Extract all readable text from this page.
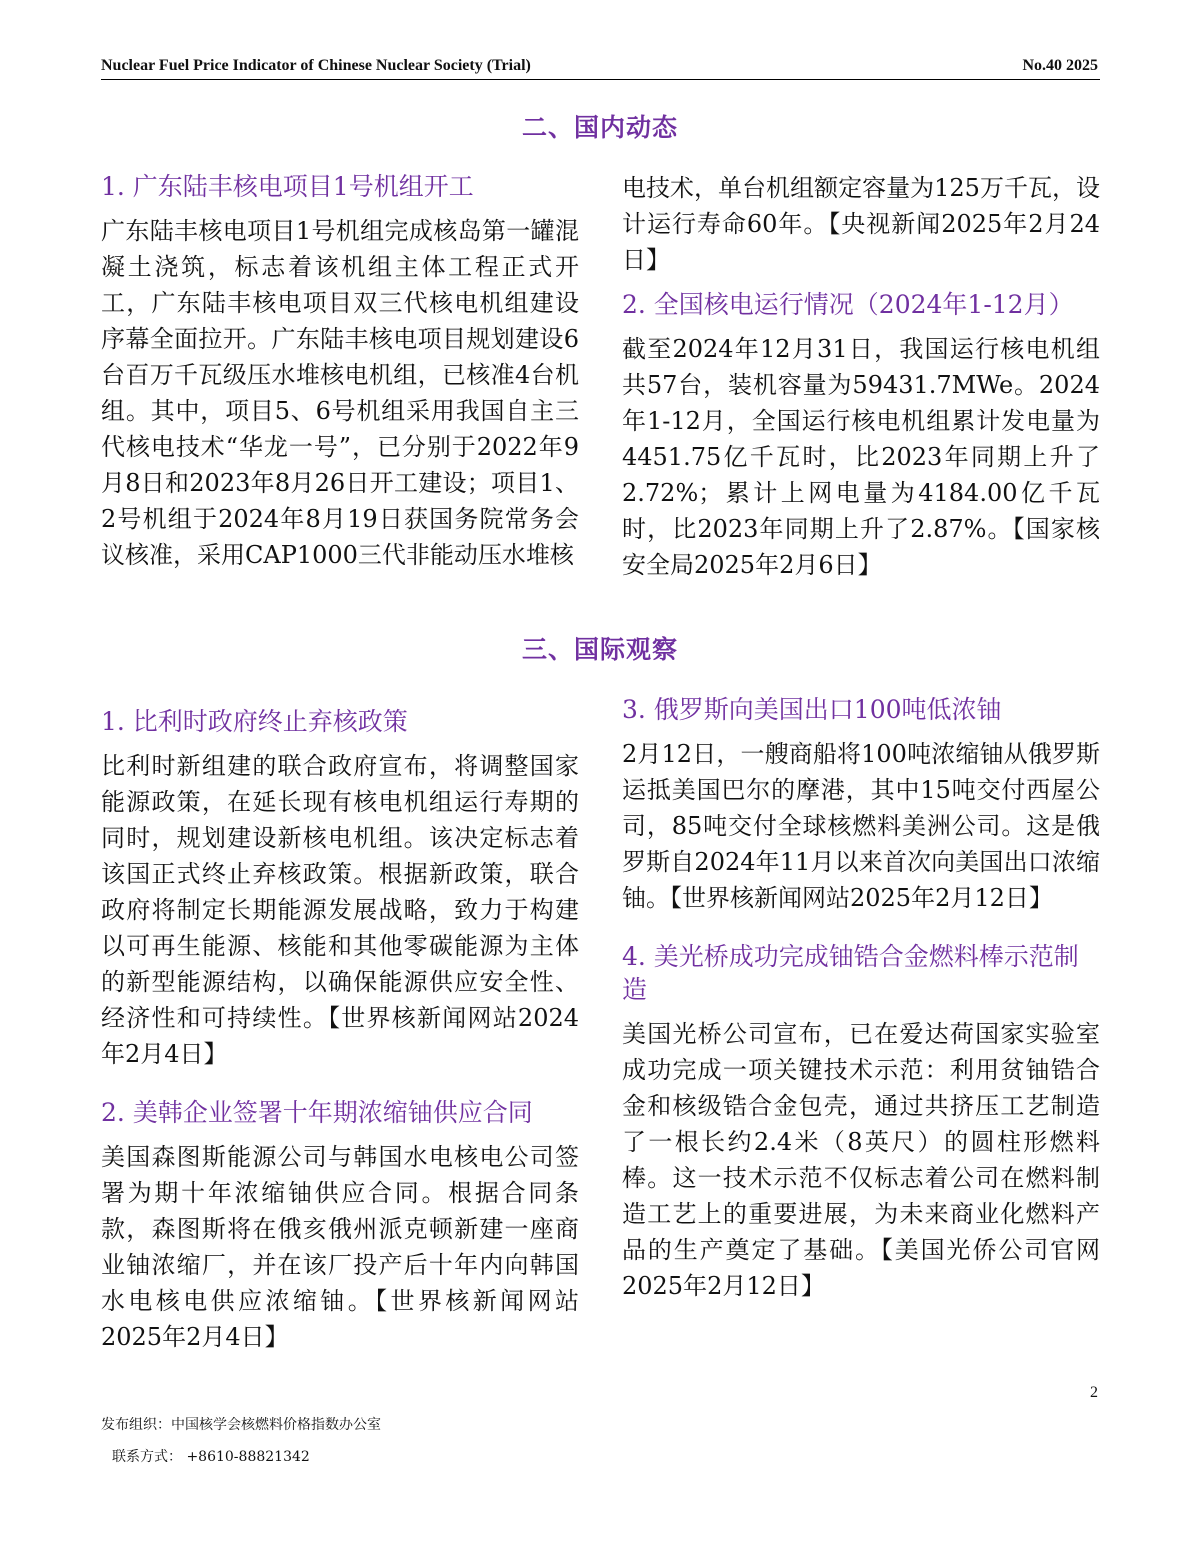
Nuclear Fuel Price Indicator of Chinese Nuclear Society (Trial)	No.40 2025
二、国内动态
1. 广东陆丰核电项目1号机组开工

广东陆丰核电项目1号机组完成核岛第一罐混凝土浇筑，标志着该机组主体工程正式开工，广东陆丰核电项目双三代核电机组建设序幕全面拉开。广东陆丰核电项目规划建设6台百万千瓦级压水堆核电机组，已核准4台机组。其中，项目5、6号机组采用我国自主三代核电技术“华龙一号”，已分别于2022年9月8日和2023年8月26日开工建设；项目1、2号机组于2024年8月19日获国务院常务会议核准，采用CAP1000三代非能动压水堆核

电技术，单台机组额定容量为125万千瓦，设计运行寿命60年。【央视新闻2025年2月24日】

2. 全国核电运行情况（2024年1-12月）

截至2024年12月31日，我国运行核电机组共57台，装机容量为59431.7MWe。2024年1-12月，全国运行核电机组累计发电量为4451.75亿千瓦时，比2023年同期上升了2.72%；累计上网电量为4184.00亿千瓦时，比2023年同期上升了2.87%。【国家核安全局2025年2月6日】

三、国际观察
1. 比利时政府终止弃核政策

比利时新组建的联合政府宣布，将调整国家能源政策，在延长现有核电机组运行寿期的同时，规划建设新核电机组。该决定标志着该国正式终止弃核政策。根据新政策，联合政府将制定长期能源发展战略，致力于构建以可再生能源、核能和其他零碳能源为主体的新型能源结构，以确保能源供应安全性、经济性和可持续性。【世界核新闻网站2024年2月4日】

2. 美韩企业签署十年期浓缩铀供应合同

美国森图斯能源公司与韩国水电核电公司签署为期十年浓缩铀供应合同。根据合同条款，森图斯将在俄亥俄州派克顿新建一座商业铀浓缩厂，并在该厂投产后十年内向韩国水电核电供应浓缩铀。【世界核新闻网站2025年2月4日】

3. 俄罗斯向美国出口100吨低浓铀

2月12日，一艘商船将100吨浓缩铀从俄罗斯运抵美国巴尔的摩港，其中15吨交付西屋公司，85吨交付全球核燃料美洲公司。这是俄罗斯自2024年11月以来首次向美国出口浓缩铀。【世界核新闻网站2025年2月12日】

4. 美光桥成功完成铀锆合金燃料棒示范制造

美国光桥公司宣布，已在爱达荷国家实验室成功完成一项关键技术示范：利用贫铀锆合金和核级锆合金包壳，通过共挤压工艺制造了一根长约2.4米（8英尺）的圆柱形燃料棒。这一技术示范不仅标志着公司在燃料制造工艺上的重要进展，为未来商业化燃料产品的生产奠定了基础。【美国光侨公司官网2025年2月12日】

2
发布组织：中国核学会核燃料价格指数办公室
联系方式： +8610-88821342
